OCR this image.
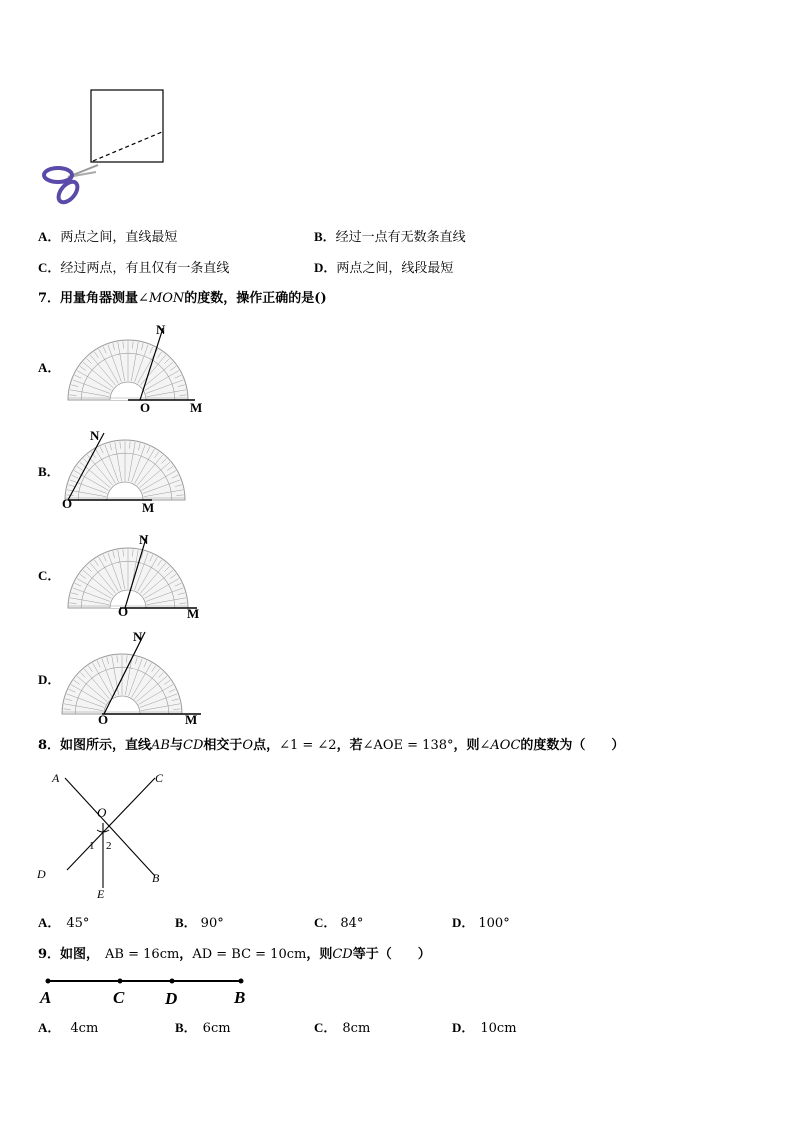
A．两点之间，直线最短	B．经过一点有无数条直线
C．经过两点，有且仅有一条直线	D．两点之间，线段最短
7．用量角器测量∠MON的度数，操作正确的是()
A．
B．
C．
D．
N
O	M
N
O	M
N
O	M
N
O	M
8．如图所示，直线AB与CD相交于O点，∠1 = ∠2，若∠AOE = 138°，则∠AOC的度数为（　　）
A	C
O
D	B
E
1 2
A． 45°	B． 90°	C． 84°	D． 100°
9．如图， AB = 16cm，AD = BC = 10cm，则CD等于（　　）
A	C D	B
A． 4cm	B． 6cm	C． 8cm	D． 10cm
